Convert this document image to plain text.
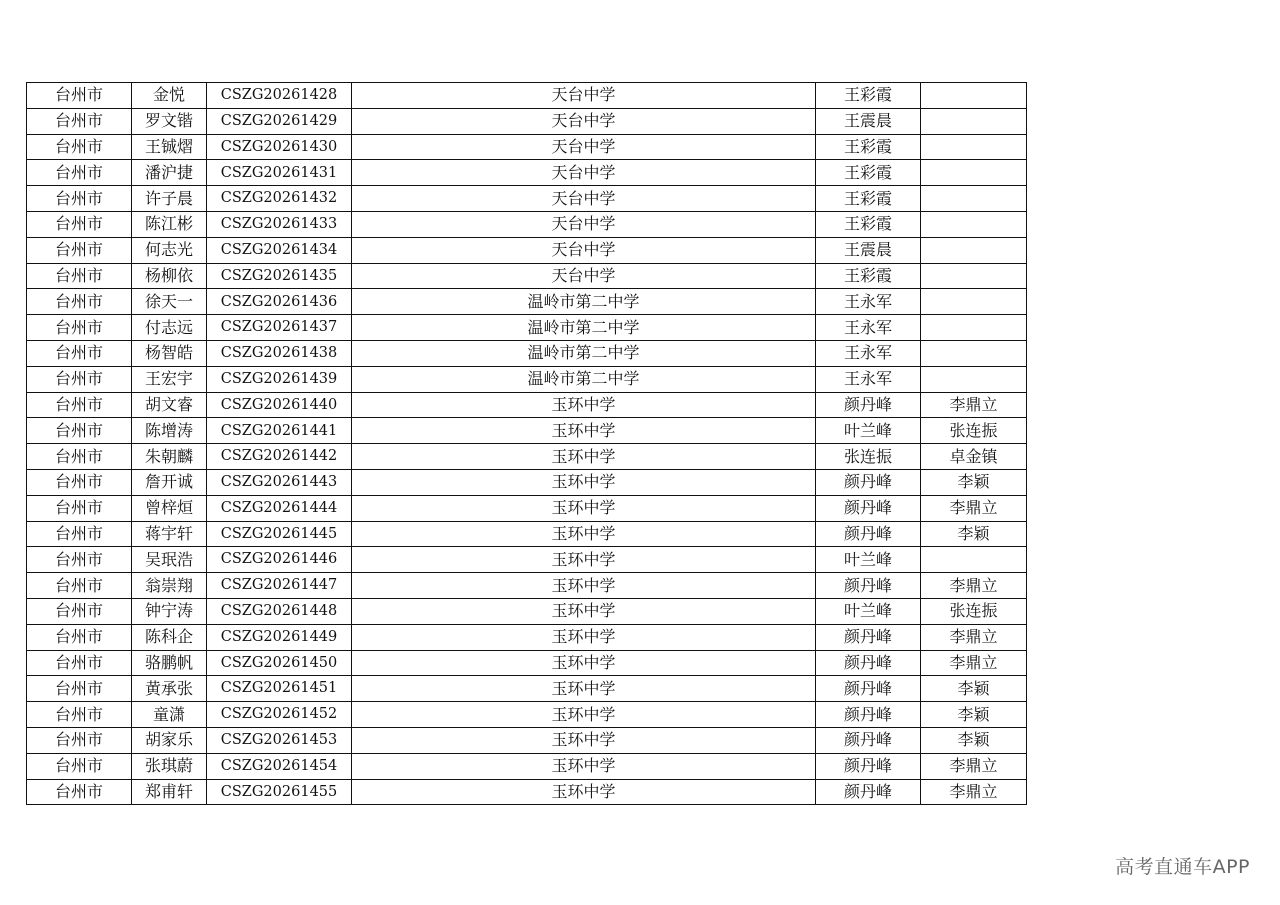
台州市	金悦	CSZG20261428	天台中学	王彩霞	
台州市	罗文锴	CSZG20261429	天台中学	王震晨	
台州市	王铖熠	CSZG20261430	天台中学	王彩霞	
台州市	潘沪捷	CSZG20261431	天台中学	王彩霞	
台州市	许子晨	CSZG20261432	天台中学	王彩霞	
台州市	陈江彬	CSZG20261433	天台中学	王彩霞	
台州市	何志光	CSZG20261434	天台中学	王震晨	
台州市	杨柳依	CSZG20261435	天台中学	王彩霞	
台州市	徐天一	CSZG20261436	温岭市第二中学	王永军	
台州市	付志远	CSZG20261437	温岭市第二中学	王永军	
台州市	杨智皓	CSZG20261438	温岭市第二中学	王永军	
台州市	王宏宇	CSZG20261439	温岭市第二中学	王永军	
台州市	胡文睿	CSZG20261440	玉环中学	颜丹峰	李鼎立
台州市	陈增涛	CSZG20261441	玉环中学	叶兰峰	张连振
台州市	朱朝麟	CSZG20261442	玉环中学	张连振	卓金镇
台州市	詹开诚	CSZG20261443	玉环中学	颜丹峰	李颖
台州市	曾梓烜	CSZG20261444	玉环中学	颜丹峰	李鼎立
台州市	蒋宇轩	CSZG20261445	玉环中学	颜丹峰	李颖
台州市	吴珉浩	CSZG20261446	玉环中学	叶兰峰	
台州市	翁崇翔	CSZG20261447	玉环中学	颜丹峰	李鼎立
台州市	钟宁涛	CSZG20261448	玉环中学	叶兰峰	张连振
台州市	陈科企	CSZG20261449	玉环中学	颜丹峰	李鼎立
台州市	骆鹏帆	CSZG20261450	玉环中学	颜丹峰	李鼎立
台州市	黄承张	CSZG20261451	玉环中学	颜丹峰	李颖
台州市	童潇	CSZG20261452	玉环中学	颜丹峰	李颖
台州市	胡家乐	CSZG20261453	玉环中学	颜丹峰	李颖
台州市	张琪蔚	CSZG20261454	玉环中学	颜丹峰	李鼎立
台州市	郑甫轩	CSZG20261455	玉环中学	颜丹峰	李鼎立
高考直通车APP
